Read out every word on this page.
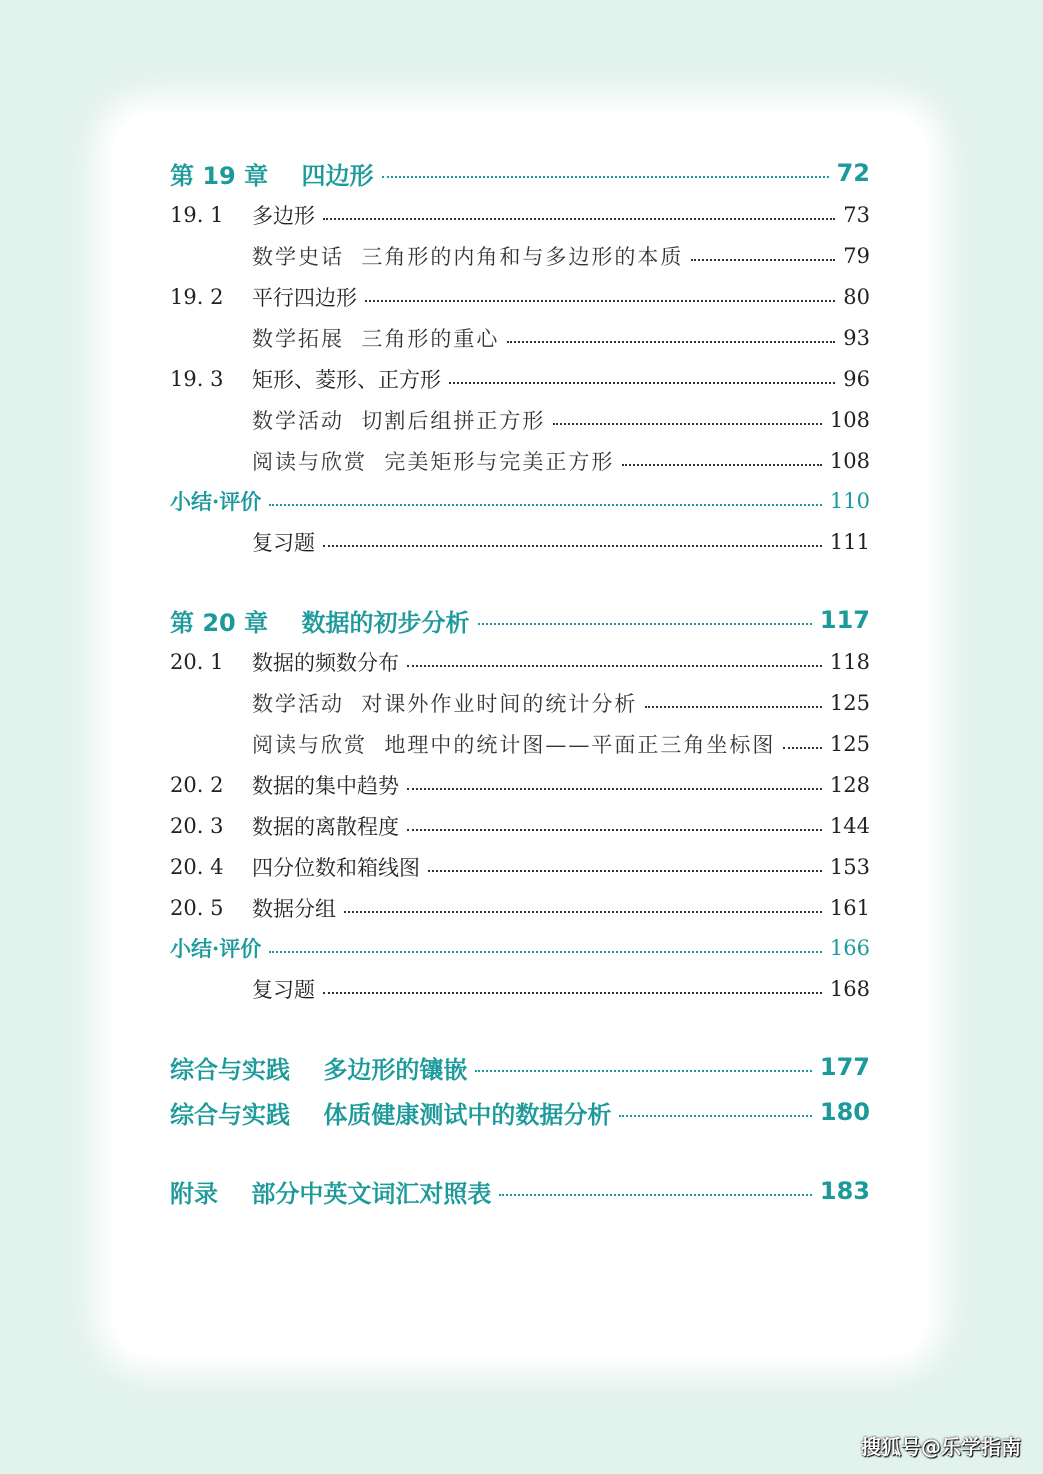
第 19 章    四边形	72
19. 1	多边形	73
数学史话  三角形的内角和与多边形的本质	79
19. 2	平行四边形	80
数学拓展  三角形的重心	93
19. 3	矩形、菱形、正方形	96
数学活动  切割后组拼正方形	108
阅读与欣赏  完美矩形与完美正方形	108
小结·评价	110
复习题	111
第 20 章    数据的初步分析	117
20. 1	数据的频数分布	118
数学活动  对课外作业时间的统计分析	125
阅读与欣赏  地理中的统计图——平面正三角坐标图	125
20. 2	数据的集中趋势	128
20. 3	数据的离散程度	144
20. 4	四分位数和箱线图	153
20. 5	数据分组	161
小结·评价	166
复习题	168
综合与实践    多边形的镶嵌	177
综合与实践    体质健康测试中的数据分析	180
附录    部分中英文词汇对照表	183
搜狐号@乐学指南
